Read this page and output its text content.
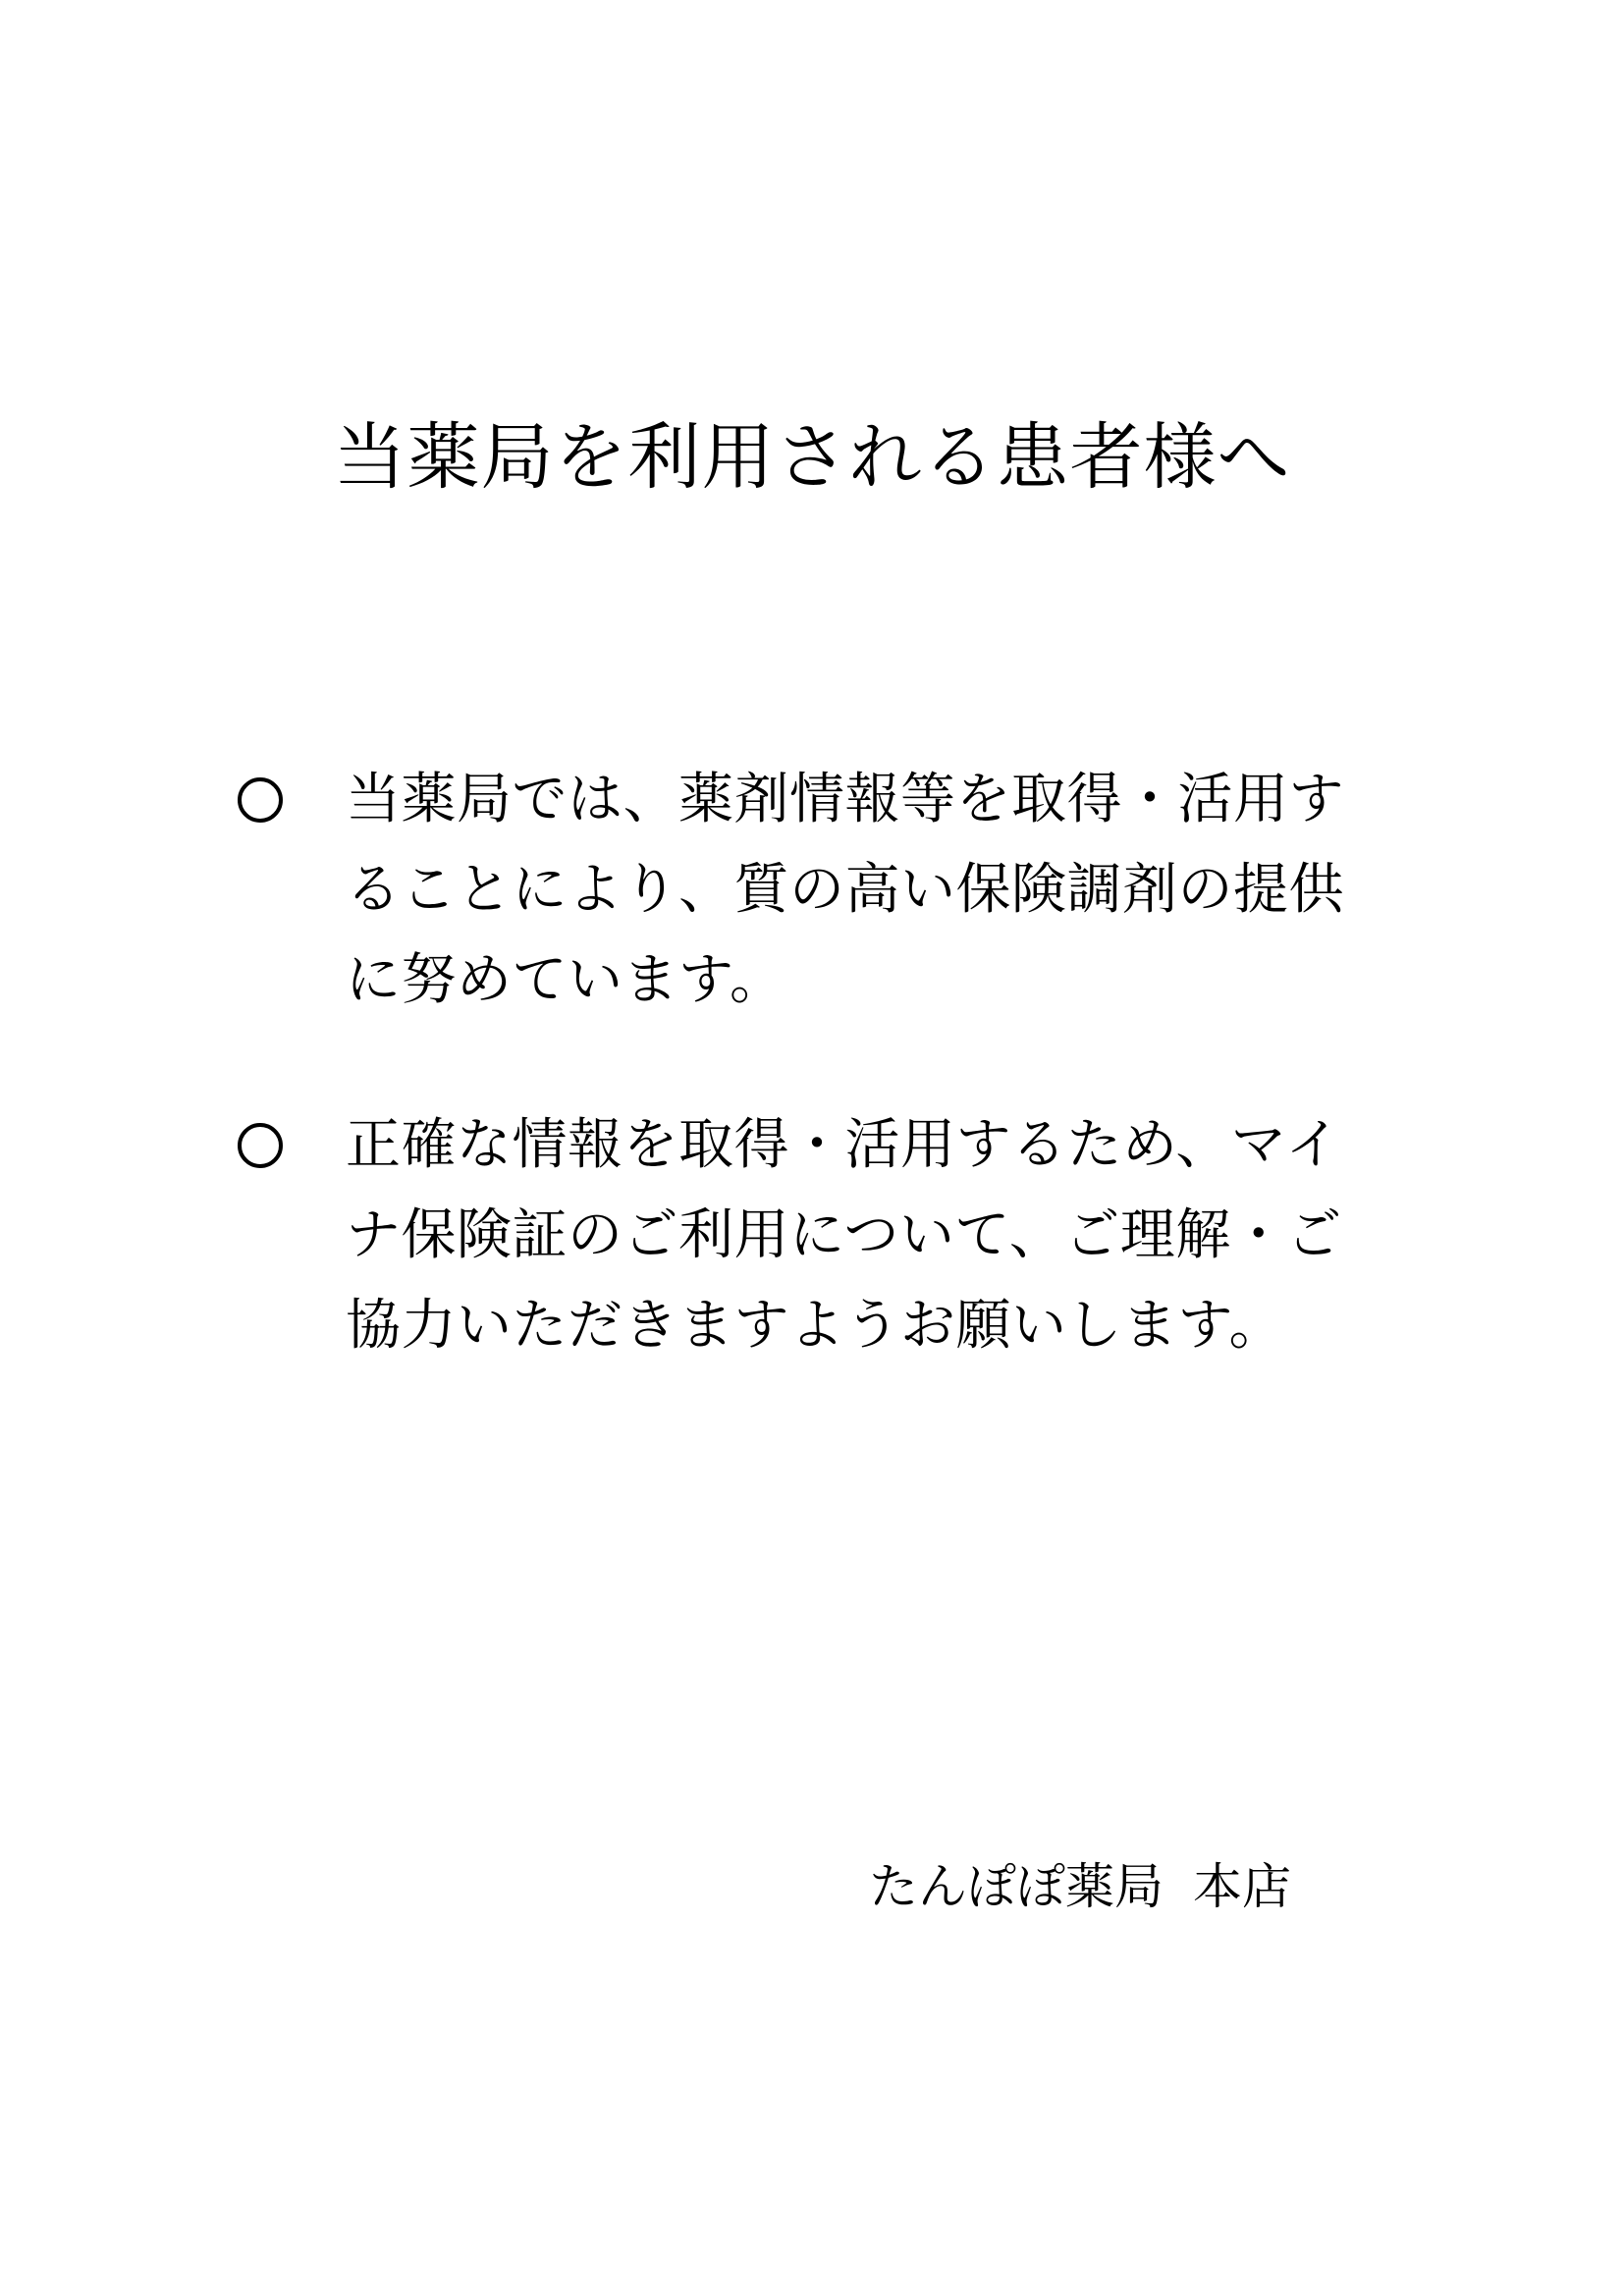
当薬局を利用される患者様へ
当薬局では、薬剤情報等を取得・活用す
ることにより、質の高い保険調剤の提供
に努めています。
正確な情報を取得・活用するため、マイ
ナ保険証のご利用について、ご理解・ご
協力いただきますようお願いします。
たんぽぽ薬局 本店
